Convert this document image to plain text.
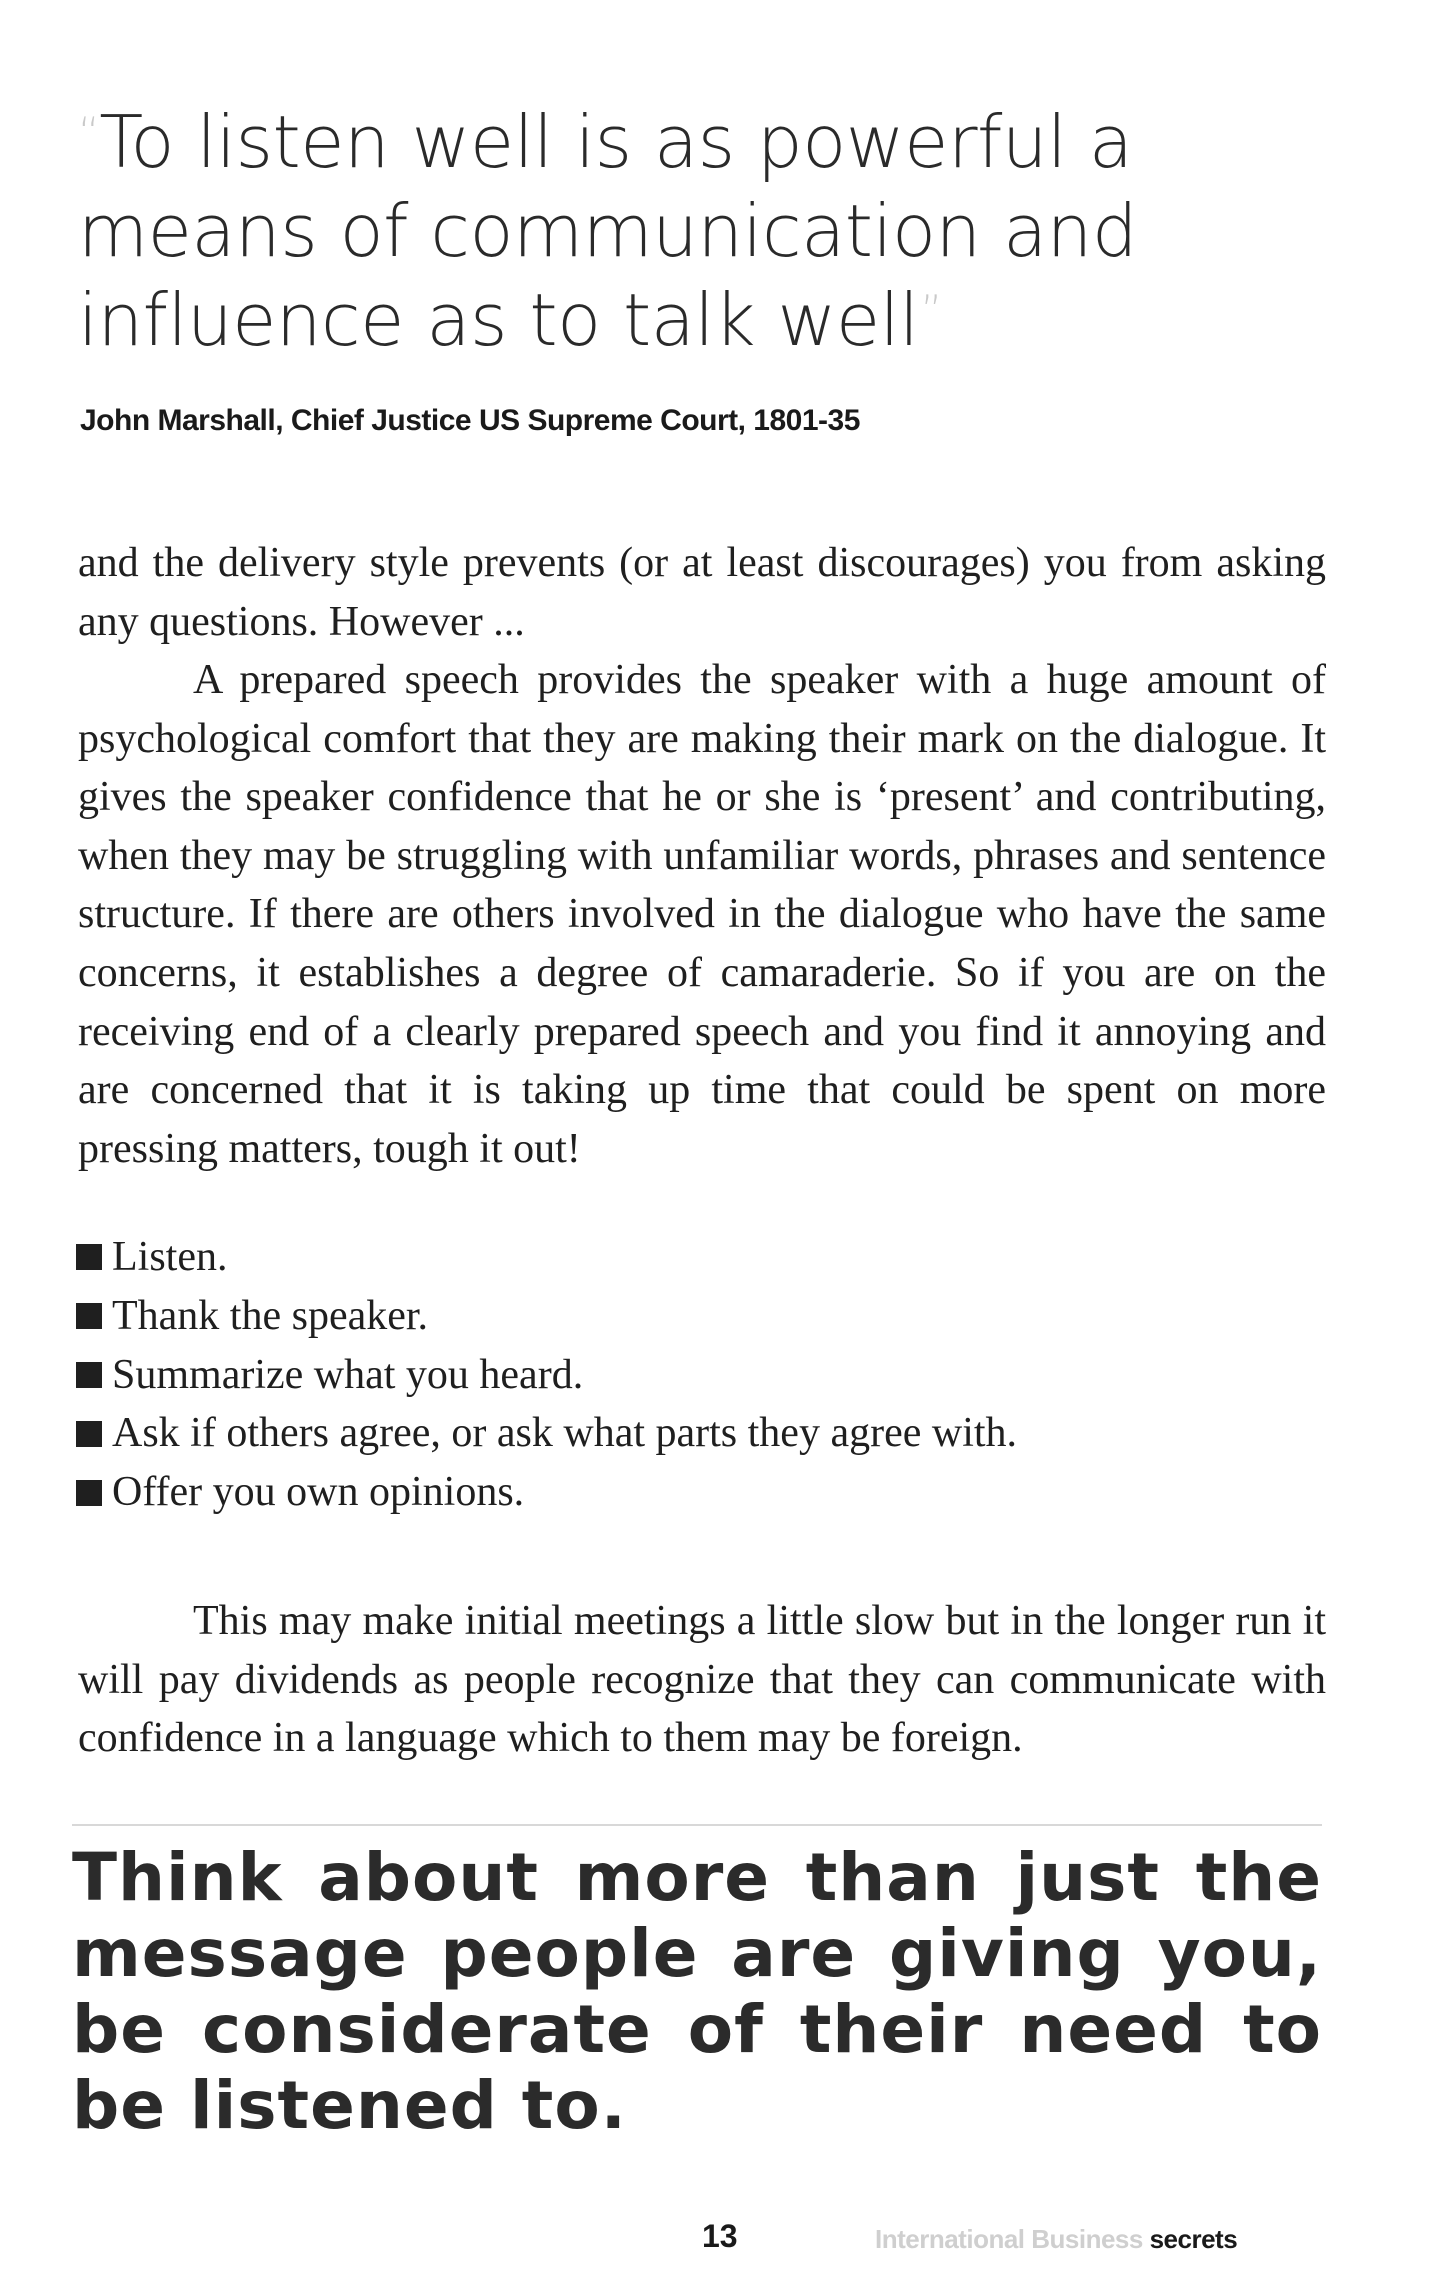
“To listen well is as powerful a means of communication and influence as to talk well”
John Marshall, Chief Justice US Supreme Court, 1801-35

and the delivery style prevents (or at least discourages) you from asking any questions. However ...

A prepared speech provides the speaker with a huge amount of psychological comfort that they are making their mark on the dialogue. It gives the speaker confidence that he or she is ‘present’ and contributing, when they may be struggling with unfamiliar words, phrases and sentence structure. If there are others involved in the dialogue who have the same concerns, it establishes a degree of camaraderie. So if you are on the receiving end of a clearly prepared speech and you find it annoying and are concerned that it is taking up time that could be spent on more pressing matters, tough it out!

Listen.
Thank the speaker.
Summarize what you heard.
Ask if others agree, or ask what parts they agree with.
Offer you own opinions.

This may make initial meetings a little slow but in the longer run it will pay dividends as people recognize that they can communicate with confidence in a language which to them may be foreign.

Think about more than just the message people are giving you, be considerate of their need to be listened to.

13	International Business secrets
